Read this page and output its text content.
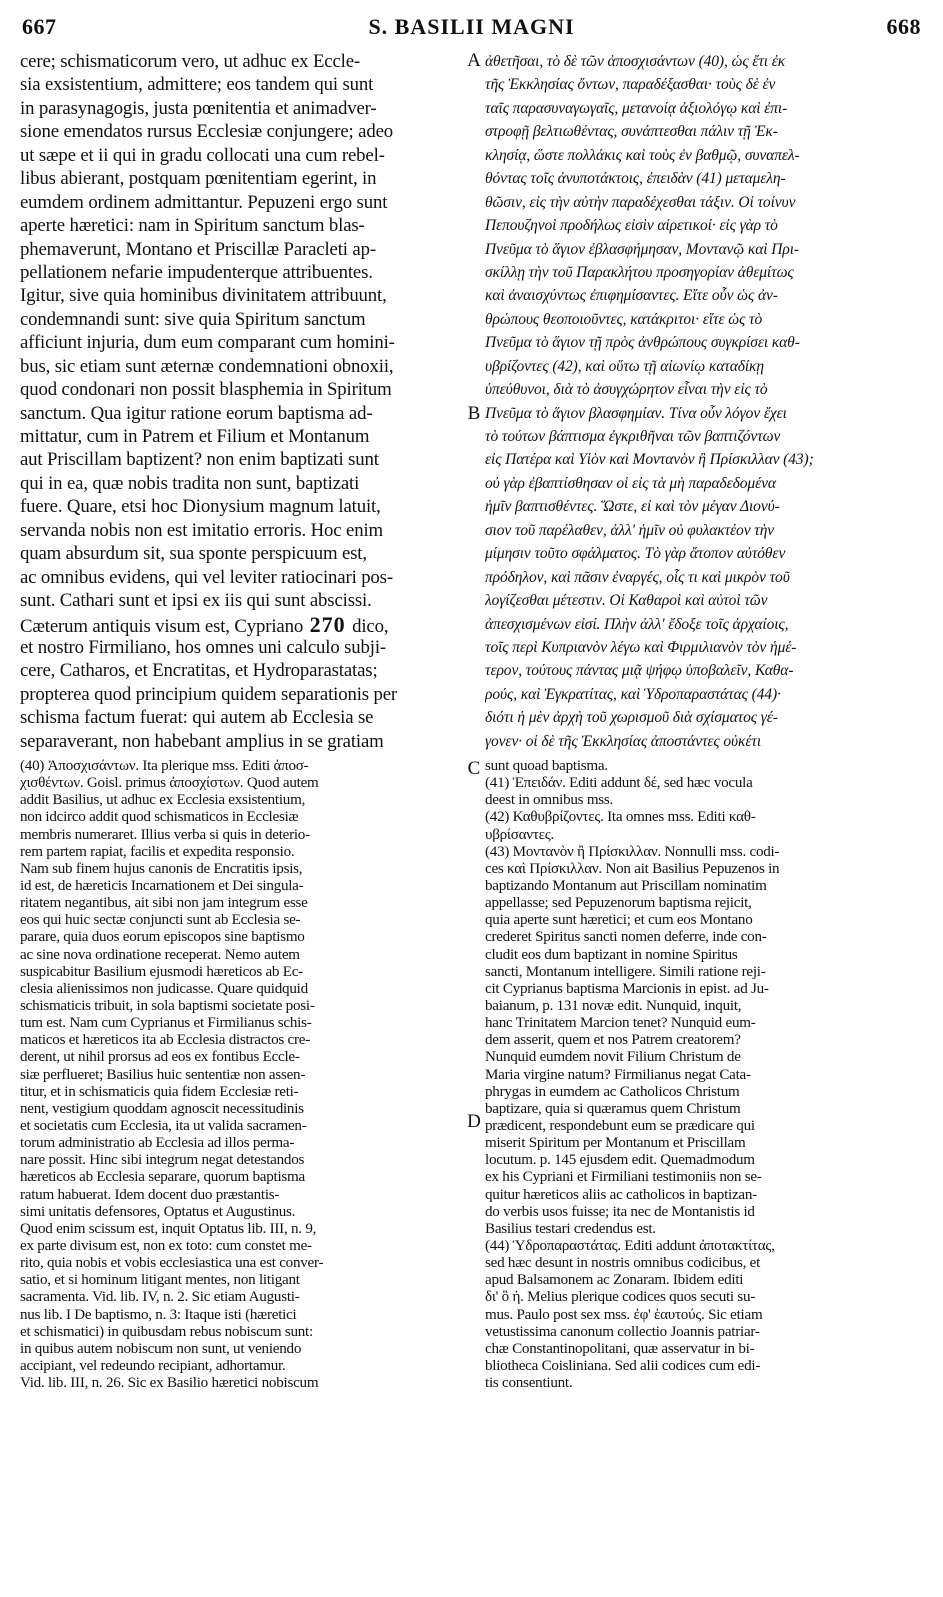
667	S. BASILII MAGNI	668
cere; schismaticorum vero, ut adhuc ex Eccle-
sia exsistentium, admittere; eos tandem qui sunt
in parasynagogis, justa pœnitentia et animadver-
sione emendatos rursus Ecclesiæ conjungere; adeo
ut sæpe et ii qui in gradu collocati una cum rebel-
libus abierant, postquam pœnitentiam egerint, in
eumdem ordinem admittantur. Pepuzeni ergo sunt
aperte hæretici: nam in Spiritum sanctum blas-
phemaverunt, Montano et Priscillæ Paracleti ap-
pellationem nefarie impudenterque attribuentes.
Igitur, sive quia hominibus divinitatem attribuunt,
condemnandi sunt: sive quia Spiritum sanctum
afficiunt injuria, dum eum comparant cum homini-
bus, sic etiam sunt æternæ condemnationi obnoxii,
quod condonari non possit blasphemia in Spiritum
sanctum. Qua igitur ratione eorum baptisma ad-
mittatur, cum in Patrem et Filium et Montanum
aut Priscillam baptizent? non enim baptizati sunt
qui in ea, quæ nobis tradita non sunt, baptizati
fuere. Quare, etsi hoc Dionysium magnum latuit,
servanda nobis non est imitatio erroris. Hoc enim
quam absurdum sit, sua sponte perspicuum est,
ac omnibus evidens, qui vel leviter ratiocinari pos-
sunt. Cathari sunt et ipsi ex iis qui sunt abscissi.
Cæterum antiquis visum est, Cypriano 270 dico,
et nostro Firmiliano, hos omnes uni calculo subji-
cere, Catharos, et Encratitas, et Hydroparastatas;
propterea quod principium quidem separationis per
schisma factum fuerat: qui autem ab Ecclesia se
separaverant, non habebant amplius in se gratiam
ἀθετῆσαι, τὸ δὲ τῶν ἀποσχισάντων (40), ὡς ἔτι ἐκ
τῆς Ἐκκλησίας ὄντων, παραδέξασθαι· τοὺς δὲ ἐν
ταῖς παρασυναγωγαῖς, μετανοίᾳ ἀξιολόγῳ καὶ ἐπι-
στροφῇ βελτιωθέντας, συνάπτεσθαι πάλιν τῇ Ἐκ-
κλησίᾳ, ὥστε πολλάκις καὶ τοὺς ἐν βαθμῷ, συναπελ-
θόντας τοῖς ἀνυποτάκτοις, ἐπειδὰν (41) μεταμελη-
θῶσιν, εἰς τὴν αὐτὴν παραδέχεσθαι τάξιν. Οἱ τοίνυν
Πεπουζηνοὶ προδήλως εἰσὶν αἱρετικοί· εἰς γὰρ τὸ
Πνεῦμα τὸ ἅγιον ἐβλασφήμησαν, Μοντανῷ καὶ Πρι-
σκίλλῃ τὴν τοῦ Παρακλήτου προσηγορίαν ἀθεμίτως
καὶ ἀναισχύντως ἐπιφημίσαντες. Εἴτε οὖν ὡς ἀν-
θρώπους θεοποιοῦντες, κατάκριτοι· εἴτε ὡς τὸ
Πνεῦμα τὸ ἅγιον τῇ πρὸς ἀνθρώπους συγκρίσει καθ-
υβρίζοντες (42), καὶ οὕτω τῇ αἰωνίῳ καταδίκῃ
ὑπεύθυνοι, διὰ τὸ ἀσυγχώρητον εἶναι τὴν εἰς τὸ
Πνεῦμα τὸ ἅγιον βλασφημίαν. Τίνα οὖν λόγον ἔχει
τὸ τούτων βάπτισμα ἐγκριθῆναι τῶν βαπτιζόντων
εἰς Πατέρα καὶ Υἱὸν καὶ Μοντανὸν ἢ Πρίσκιλλαν (43);
οὐ γὰρ ἐβαπτίσθησαν οἱ εἰς τὰ μὴ παραδεδομένα
ἡμῖν βαπτισθέντες. Ὥστε, εἰ καὶ τὸν μέγαν Διονύ-
σιον τοῦ παρέλαθεν, ἀλλ' ἡμῖν οὐ φυλακτέον τὴν
μίμησιν τοῦτο σφάλματος. Τὸ γὰρ ἄτοπον αὐτόθεν
πρόδηλον, καὶ πᾶσιν ἐναργές, οἷς τι καὶ μικρὸν τοῦ
λογίζεσθαι μέτεστιν. Οἱ Καθαροὶ καὶ αὐτοὶ τῶν
ἀπεσχισμένων εἰσί. Πλὴν ἀλλ' ἔδοξε τοῖς ἀρχαίοις,
τοῖς περὶ Κυπριανὸν λέγω καὶ Φιρμιλιανὸν τὸν ἡμέ-
τερον, τούτους πάντας μιᾷ ψήφῳ ὑποβαλεῖν, Καθα-
ρούς, καὶ Ἐγκρατίτας, καὶ Ὑδροπαραστάτας (44)·
διότι ἡ μὲν ἀρχὴ τοῦ χωρισμοῦ διὰ σχίσματος γέ-
γονεν· οἱ δὲ τῆς Ἐκκλησίας ἀποστάντες οὐκέτι
A
B
C
D
(40) Ἀποσχισάντων. Ita plerique mss. Editi ἀποσ-
χισθέντων. Goisl. primus ἀποσχίστων. Quod autem
addit Basilius, ut adhuc ex Ecclesia exsistentium,
non idcirco addit quod schismaticos in Ecclesiæ
membris numeraret. Illius verba si quis in deterio-
rem partem rapiat, facilis et expedita responsio.
Nam sub finem hujus canonis de Encratitis ipsis,
id est, de hæreticis Incarnationem et Dei singula-
ritatem negantibus, ait sibi non jam integrum esse
eos qui huic sectæ conjuncti sunt ab Ecclesia se-
parare, quia duos eorum episcopos sine baptismo
ac sine nova ordinatione receperat. Nemo autem
suspicabitur Basilium ejusmodi hæreticos ab Ec-
clesia alienissimos non judicasse. Quare quidquid
schismaticis tribuit, in sola baptismi societate posi-
tum est. Nam cum Cyprianus et Firmilianus schis-
maticos et hæreticos ita ab Ecclesia distractos cre-
derent, ut nihil prorsus ad eos ex fontibus Eccle-
siæ perflueret; Basilius huic sententiæ non assen-
titur, et in schismaticis quia fidem Ecclesiæ reti-
nent, vestigium quoddam agnoscit necessitudinis
et societatis cum Ecclesia, ita ut valida sacramen-
torum administratio ab Ecclesia ad illos perma-
nare possit. Hinc sibi integrum negat detestandos
hæreticos ab Ecclesia separare, quorum baptisma
ratum habuerat. Idem docent duo præstantis-
simi unitatis defensores, Optatus et Augustinus.
Quod enim scissum est, inquit Optatus lib. III, n. 9,
ex parte divisum est, non ex toto: cum constet me-
rito, quia nobis et vobis ecclesiastica una est conver-
satio, et si hominum litigant mentes, non litigant
sacramenta. Vid. lib. IV, n. 2. Sic etiam Augusti-
nus lib. I De baptismo, n. 3: Itaque isti (hæretici
et schismatici) in quibusdam rebus nobiscum sunt:
in quibus autem nobiscum non sunt, ut veniendo
accipiant, vel redeundo recipiant, adhortamur.
Vid. lib. III, n. 26. Sic ex Basilio hæretici nobiscum
sunt quoad baptisma.
(41) Ἐπειδάν. Editi addunt δέ, sed hæc vocula
deest in omnibus mss.
(42) Καθυβρίζοντες. Ita omnes mss. Editi καθ-
υβρίσαντες.
(43) Μοντανὸν ἢ Πρίσκιλλαν. Nonnulli mss. codi-
ces καὶ Πρίσκιλλαν. Non ait Basilius Pepuzenos in
baptizando Montanum aut Priscillam nominatim
appellasse; sed Pepuzenorum baptisma rejicit,
quia aperte sunt hæretici; et cum eos Montano
crederet Spiritus sancti nomen deferre, inde con-
cludit eos dum baptizant in nomine Spiritus
sancti, Montanum intelligere. Simili ratione reji-
cit Cyprianus baptisma Marcionis in epist. ad Ju-
baianum, p. 131 novæ edit. Nunquid, inquit,
hanc Trinitatem Marcion tenet? Nunquid eum-
dem asserit, quem et nos Patrem creatorem?
Nunquid eumdem novit Filium Christum de
Maria virgine natum? Firmilianus negat Cata-
phrygas in eumdem ac Catholicos Christum
baptizare, quia si quæramus quem Christum
prædicent, respondebunt eum se prædicare qui
miserit Spiritum per Montanum et Priscillam
locutum. p. 145 ejusdem edit. Quemadmodum
ex his Cypriani et Firmiliani testimoniis non se-
quitur hæreticos aliis ac catholicos in baptizan-
do verbis usos fuisse; ita nec de Montanistis id
Basilius testari credendus est.
(44) Ὑδροπαραστάτας. Editi addunt ἀποτακτίτας,
sed hæc desunt in nostris omnibus codicibus, et
apud Balsamonem ac Zonaram. Ibidem editi
δι' ὃ ἡ. Melius plerique codices quos secuti su-
mus. Paulo post sex mss. ἐφ' ἑαυτούς. Sic etiam
vetustissima canonum collectio Joannis patriar-
chæ Constantinopolitani, quæ asservatur in bi-
bliotheca Coisliniana. Sed alii codices cum edi-
tis consentiunt.
